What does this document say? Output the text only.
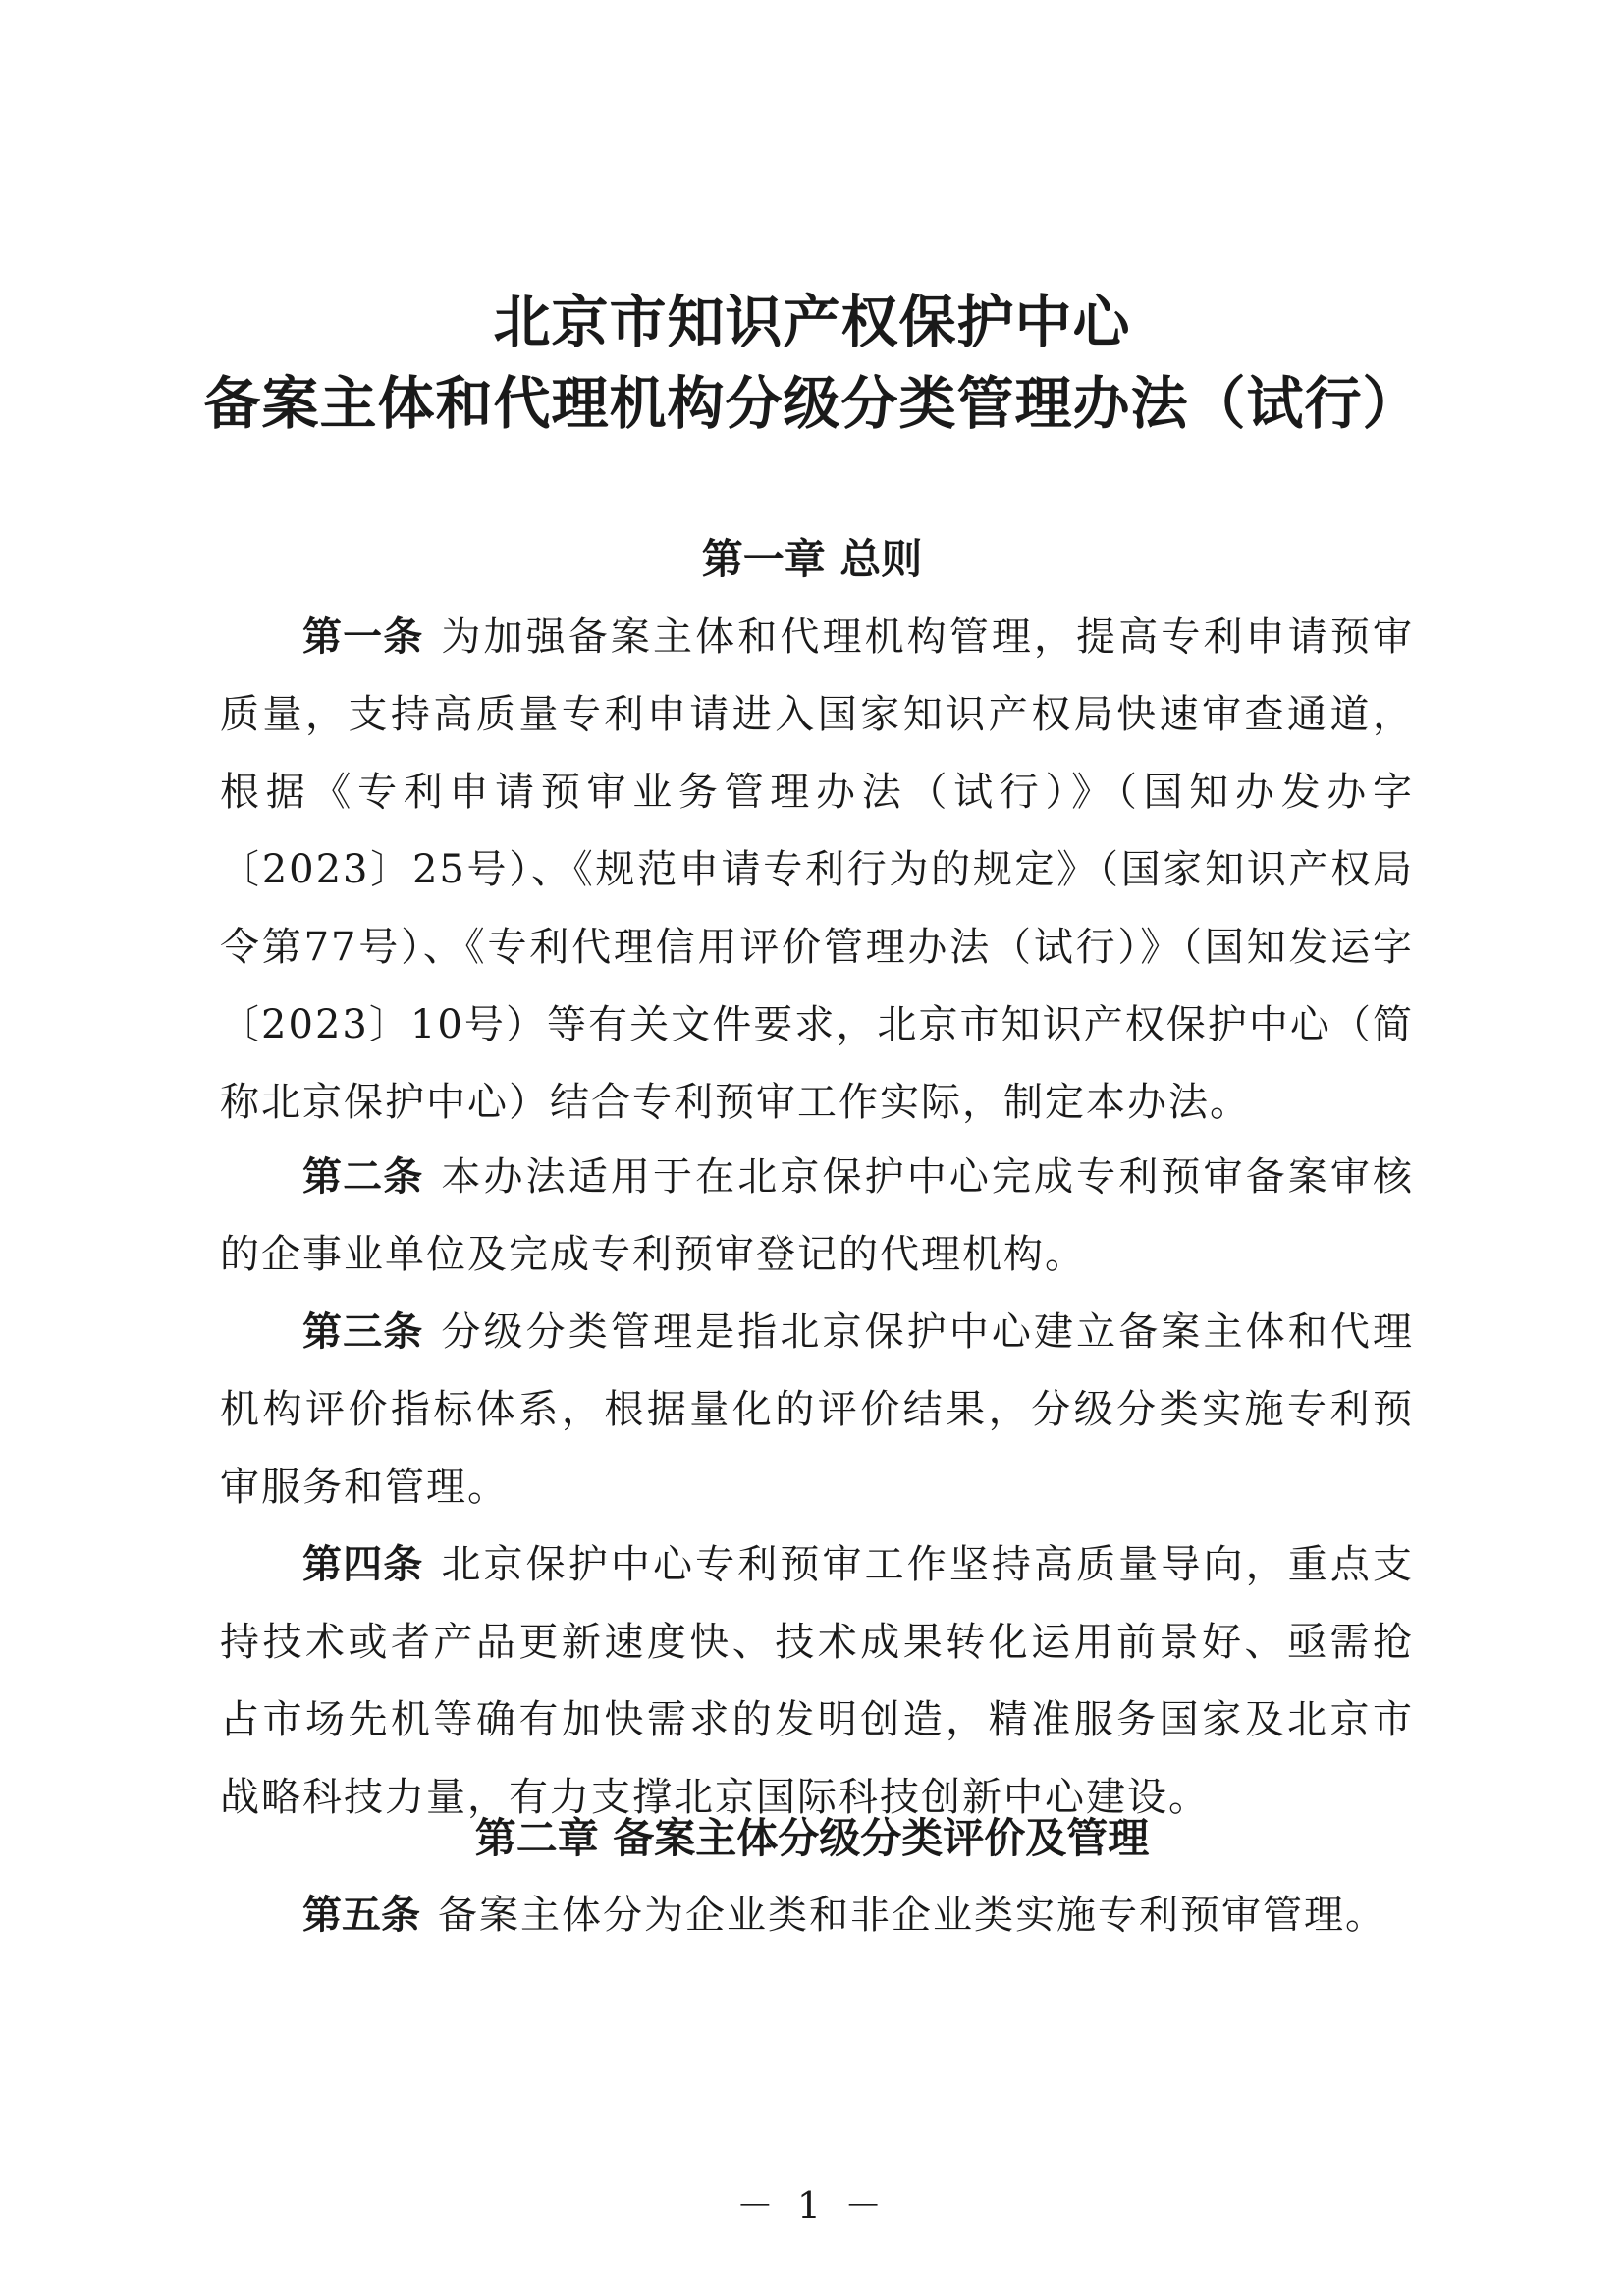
北京市知识产权保护中心
备案主体和代理机构分级分类管理办法（试行）
第一章 总则
第一条 为加强备案主体和代理机构管理，提高专利申请预审质量，支持高质量专利申请进入国家知识产权局快速审查通道，根据《专利申请预审业务管理办法（试行）》（国知办发办字〔2023〕25号）、《规范申请专利行为的规定》（国家知识产权局令第77号）、《专利代理信用评价管理办法（试行）》（国知发运字〔2023〕10号）等有关文件要求，北京市知识产权保护中心（简称北京保护中心）结合专利预审工作实际，制定本办法。
第二条 本办法适用于在北京保护中心完成专利预审备案审核的企事业单位及完成专利预审登记的代理机构。
第三条 分级分类管理是指北京保护中心建立备案主体和代理机构评价指标体系，根据量化的评价结果，分级分类实施专利预审服务和管理。
第四条 北京保护中心专利预审工作坚持高质量导向，重点支持技术或者产品更新速度快、技术成果转化运用前景好、亟需抢占市场先机等确有加快需求的发明创造，精准服务国家及北京市战略科技力量，有力支撑北京国际科技创新中心建设。
第二章 备案主体分级分类评价及管理
第五条 备案主体分为企业类和非企业类实施专利预审管理。
－ 1 －
